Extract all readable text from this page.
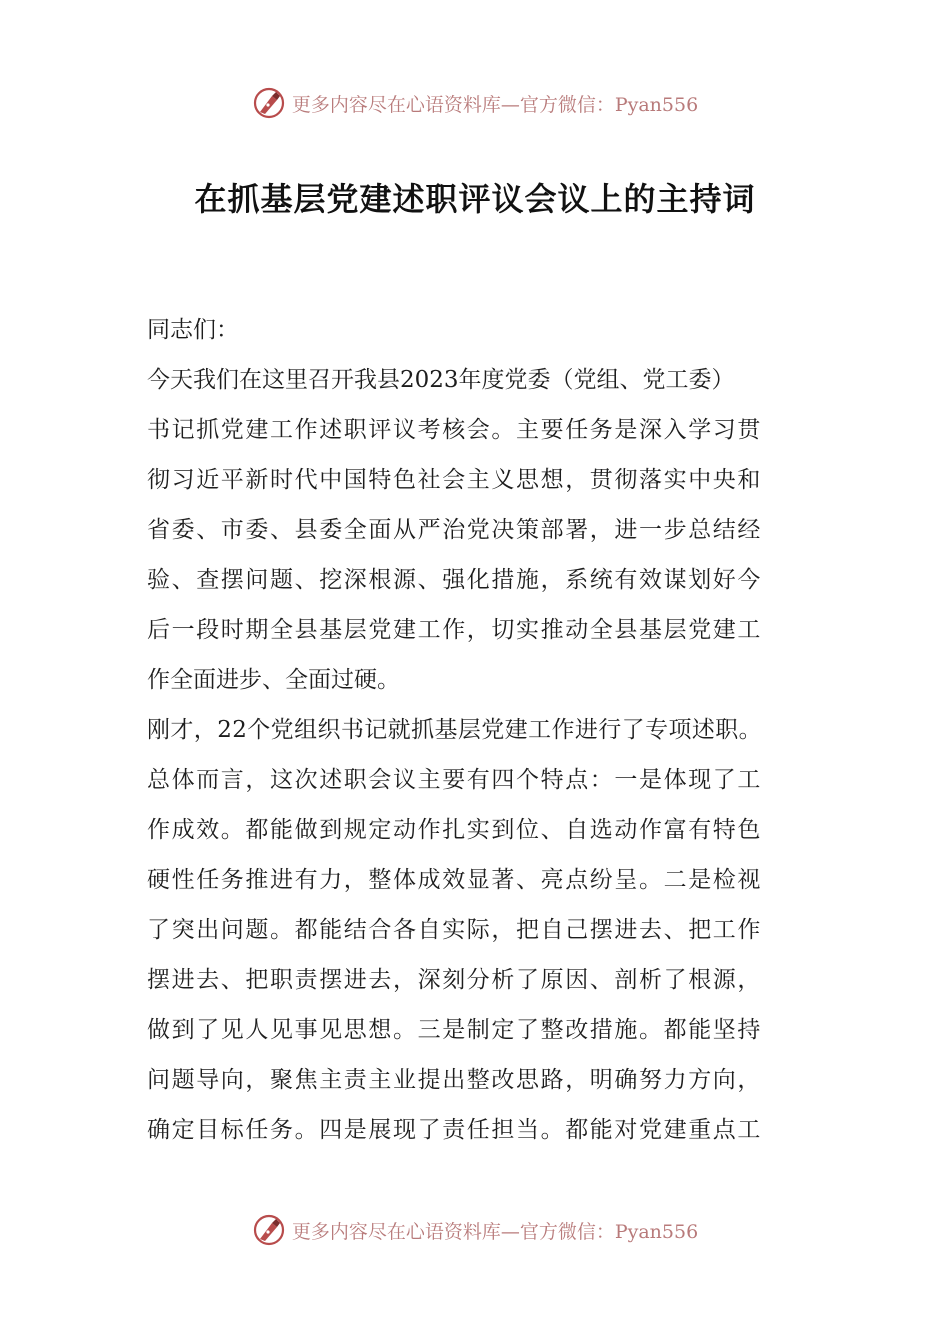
更多内容尽在心语资料库—官方微信：Pyan556
在抓基层党建述职评议会议上的主持词
同志们：
今天我们在这里召开我县2023年度党委（党组、党工委）
书记抓党建工作述职评议考核会。主要任务是深入学习贯
彻习近平新时代中国特色社会主义思想，贯彻落实中央和
省委、市委、县委全面从严治党决策部署，进一步总结经
验、查摆问题、挖深根源、强化措施，系统有效谋划好今
后一段时期全县基层党建工作，切实推动全县基层党建工
作全面进步、全面过硬。
刚才，22个党组织书记就抓基层党建工作进行了专项述职。
总体而言，这次述职会议主要有四个特点：一是体现了工
作成效。都能做到规定动作扎实到位、自选动作富有特色
硬性任务推进有力，整体成效显著、亮点纷呈。二是检视
了突出问题。都能结合各自实际，把自己摆进去、把工作
摆进去、把职责摆进去，深刻分析了原因、剖析了根源，
做到了见人见事见思想。三是制定了整改措施。都能坚持
问题导向，聚焦主责主业提出整改思路，明确努力方向，
确定目标任务。四是展现了责任担当。都能对党建重点工
更多内容尽在心语资料库—官方微信：Pyan556
